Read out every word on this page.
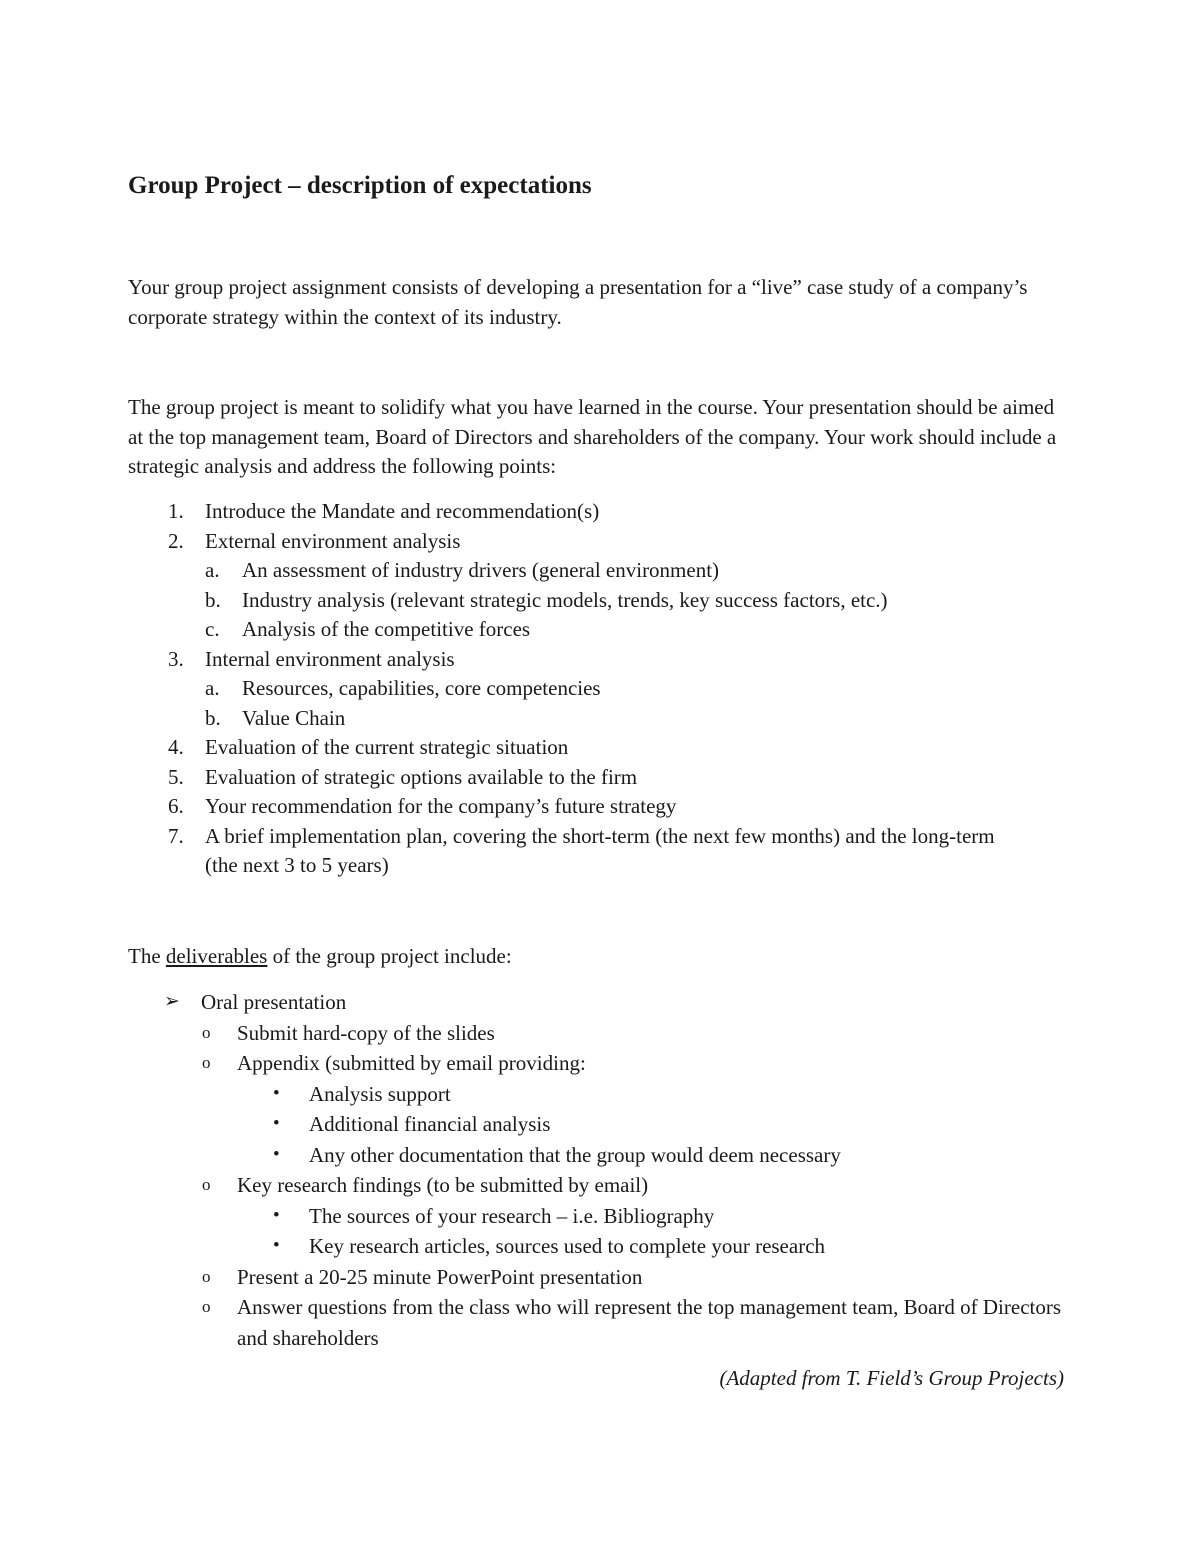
Group Project – description of expectations

Your group project assignment consists of developing a presentation for a “live” case study of a company’s corporate strategy within the context of its industry.

The group project is meant to solidify what you have learned in the course. Your presentation should be aimed at the top management team, Board of Directors and shareholders of the company. Your work should include a strategic analysis and address the following points:

1. Introduce the Mandate and recommendation(s)
2. External environment analysis
a. An assessment of industry drivers (general environment)
b. Industry analysis (relevant strategic models, trends, key success factors, etc.)
c. Analysis of the competitive forces
3. Internal environment analysis
a. Resources, capabilities, core competencies
b. Value Chain
4. Evaluation of the current strategic situation
5. Evaluation of strategic options available to the firm
6. Your recommendation for the company’s future strategy
7. A brief implementation plan, covering the short-term (the next few months) and the long-term (the next 3 to 5 years)

The deliverables of the group project include:

➢ Oral presentation
o Submit hard-copy of the slides
o Appendix (submitted by email providing:
• Analysis support
• Additional financial analysis
• Any other documentation that the group would deem necessary
o Key research findings (to be submitted by email)
• The sources of your research – i.e. Bibliography
• Key research articles, sources used to complete your research
o Present a 20-25 minute PowerPoint presentation
o Answer questions from the class who will represent the top management team, Board of Directors and shareholders

(Adapted from T. Field’s Group Projects)
